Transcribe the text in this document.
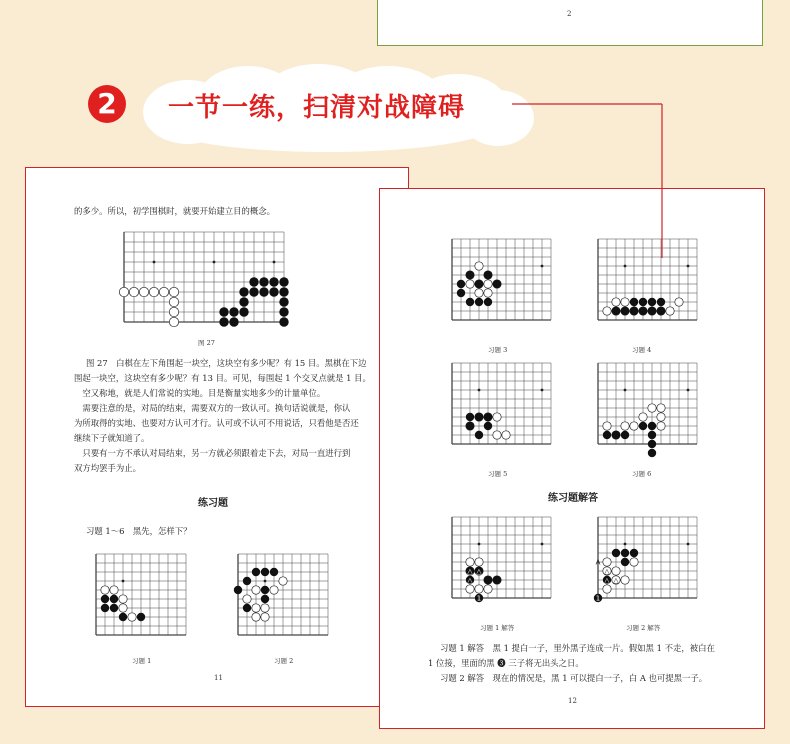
2
2	一节一练，扫清对战障碍
的多少。所以，初学围棋时，就要开始建立目的概念。
图 27
图 27　白棋在左下角围起一块空，这块空有多少呢？有 15 目。黑棋在下边
围起一块空，这块空有多少呢？有 13 目。可见，每围起 1 个交叉点就是 1 目。
　空又称地，就是人们常说的实地。目是衡量实地多少的计量单位。
　需要注意的是，对局的结束，需要双方的一致认可。换句话说就是，你认
为所取得的实地、也要对方认可才行。认可或不认可不用说话，只看他是否还
继续下子就知道了。
　只要有一方不承认对局结束，另一方就必须跟着走下去，对局一直进行到
双方均罢手为止。
练习题
习题 1～6　黑先，怎样下？
习题 1	习题 2
11
习题 3	习题 4
习题 5	习题 6
练习题解答
△ △
△
1
△
1
A
△
△
习题 1 解答	习题 2 解答
习题 1 解答　黑 1 提白一子，里外黑子连成一片。假如黑 1 不走，被白在
1 位接，里面的黑 ❸ 三子将无出头之日。
习题 2 解答　现在的情况是，黑 1 可以提白一子，白 A 也可提黑一子。
12
